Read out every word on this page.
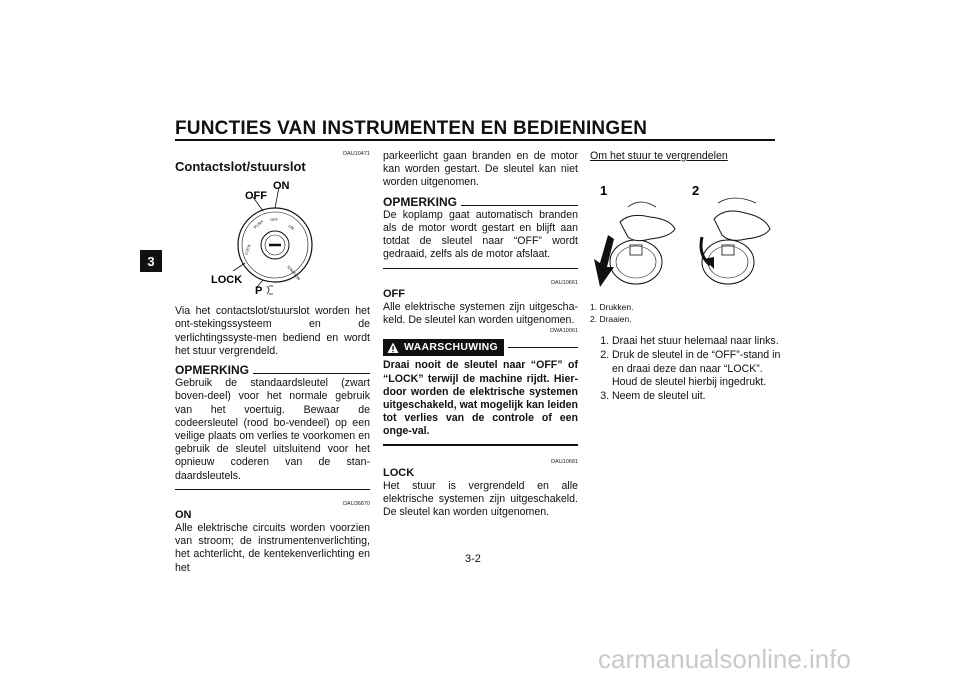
FUNCTIES VAN INSTRUMENTEN EN BEDIENINGEN
3
DAU10471
Contactslot/stuurslot
PUSH OFF
ON
IGNITION
LOCK
ON
OFF
LOCK
P

Via het contactslot/stuurslot worden het ont-stekingssysteem en de verlichtingssyste-men bediend en wordt het stuur vergrendeld.

OPMERKING

Gebruik de standaardsleutel (zwart boven-deel) voor het normale gebruik van het voertuig. Bewaar de codeersleutel (rood bo-vendeel) op een veilige plaats om verlies te voorkomen en gebruik de sleutel uitsluitend voor het opnieuw coderen van de stan-daardsleutels.

DAU36870
ON

Alle elektrische circuits worden voorzien van stroom; de instrumentenverlichting, het achterlicht, de kentekenverlichting en het

parkeerlicht gaan branden en de motor kan worden gestart. De sleutel kan niet worden uitgenomen.

OPMERKING

De koplamp gaat automatisch branden als de motor wordt gestart en blijft aan totdat de sleutel naar “OFF” wordt gedraaid, zelfs als de motor afslaat.

DAU10661
OFF

Alle elektrische systemen zijn uitgescha-keld. De sleutel kan worden uitgenomen.

DWA10061
WAARSCHUWING

Draai nooit de sleutel naar “OFF” of “LOCK” terwijl de machine rijdt. Hier-door worden de elektrische systemen uitgeschakeld, wat mogelijk kan leiden tot verlies van de controle of een onge-val.

DAU10681
LOCK

Het stuur is vergrendeld en alle elektrische systemen zijn uitgeschakeld. De sleutel kan worden uitgenomen.

Om het stuur te vergrendelen
1	2
1. Drukken.
2. Draaien.
1. Draai het stuur helemaal naar links.
2. Druk de sleutel in de “OFF”-stand in en draai deze dan naar “LOCK”. Houd de sleutel hierbij ingedrukt.
3. Neem de sleutel uit.
3-2
carmanualsonline.info
